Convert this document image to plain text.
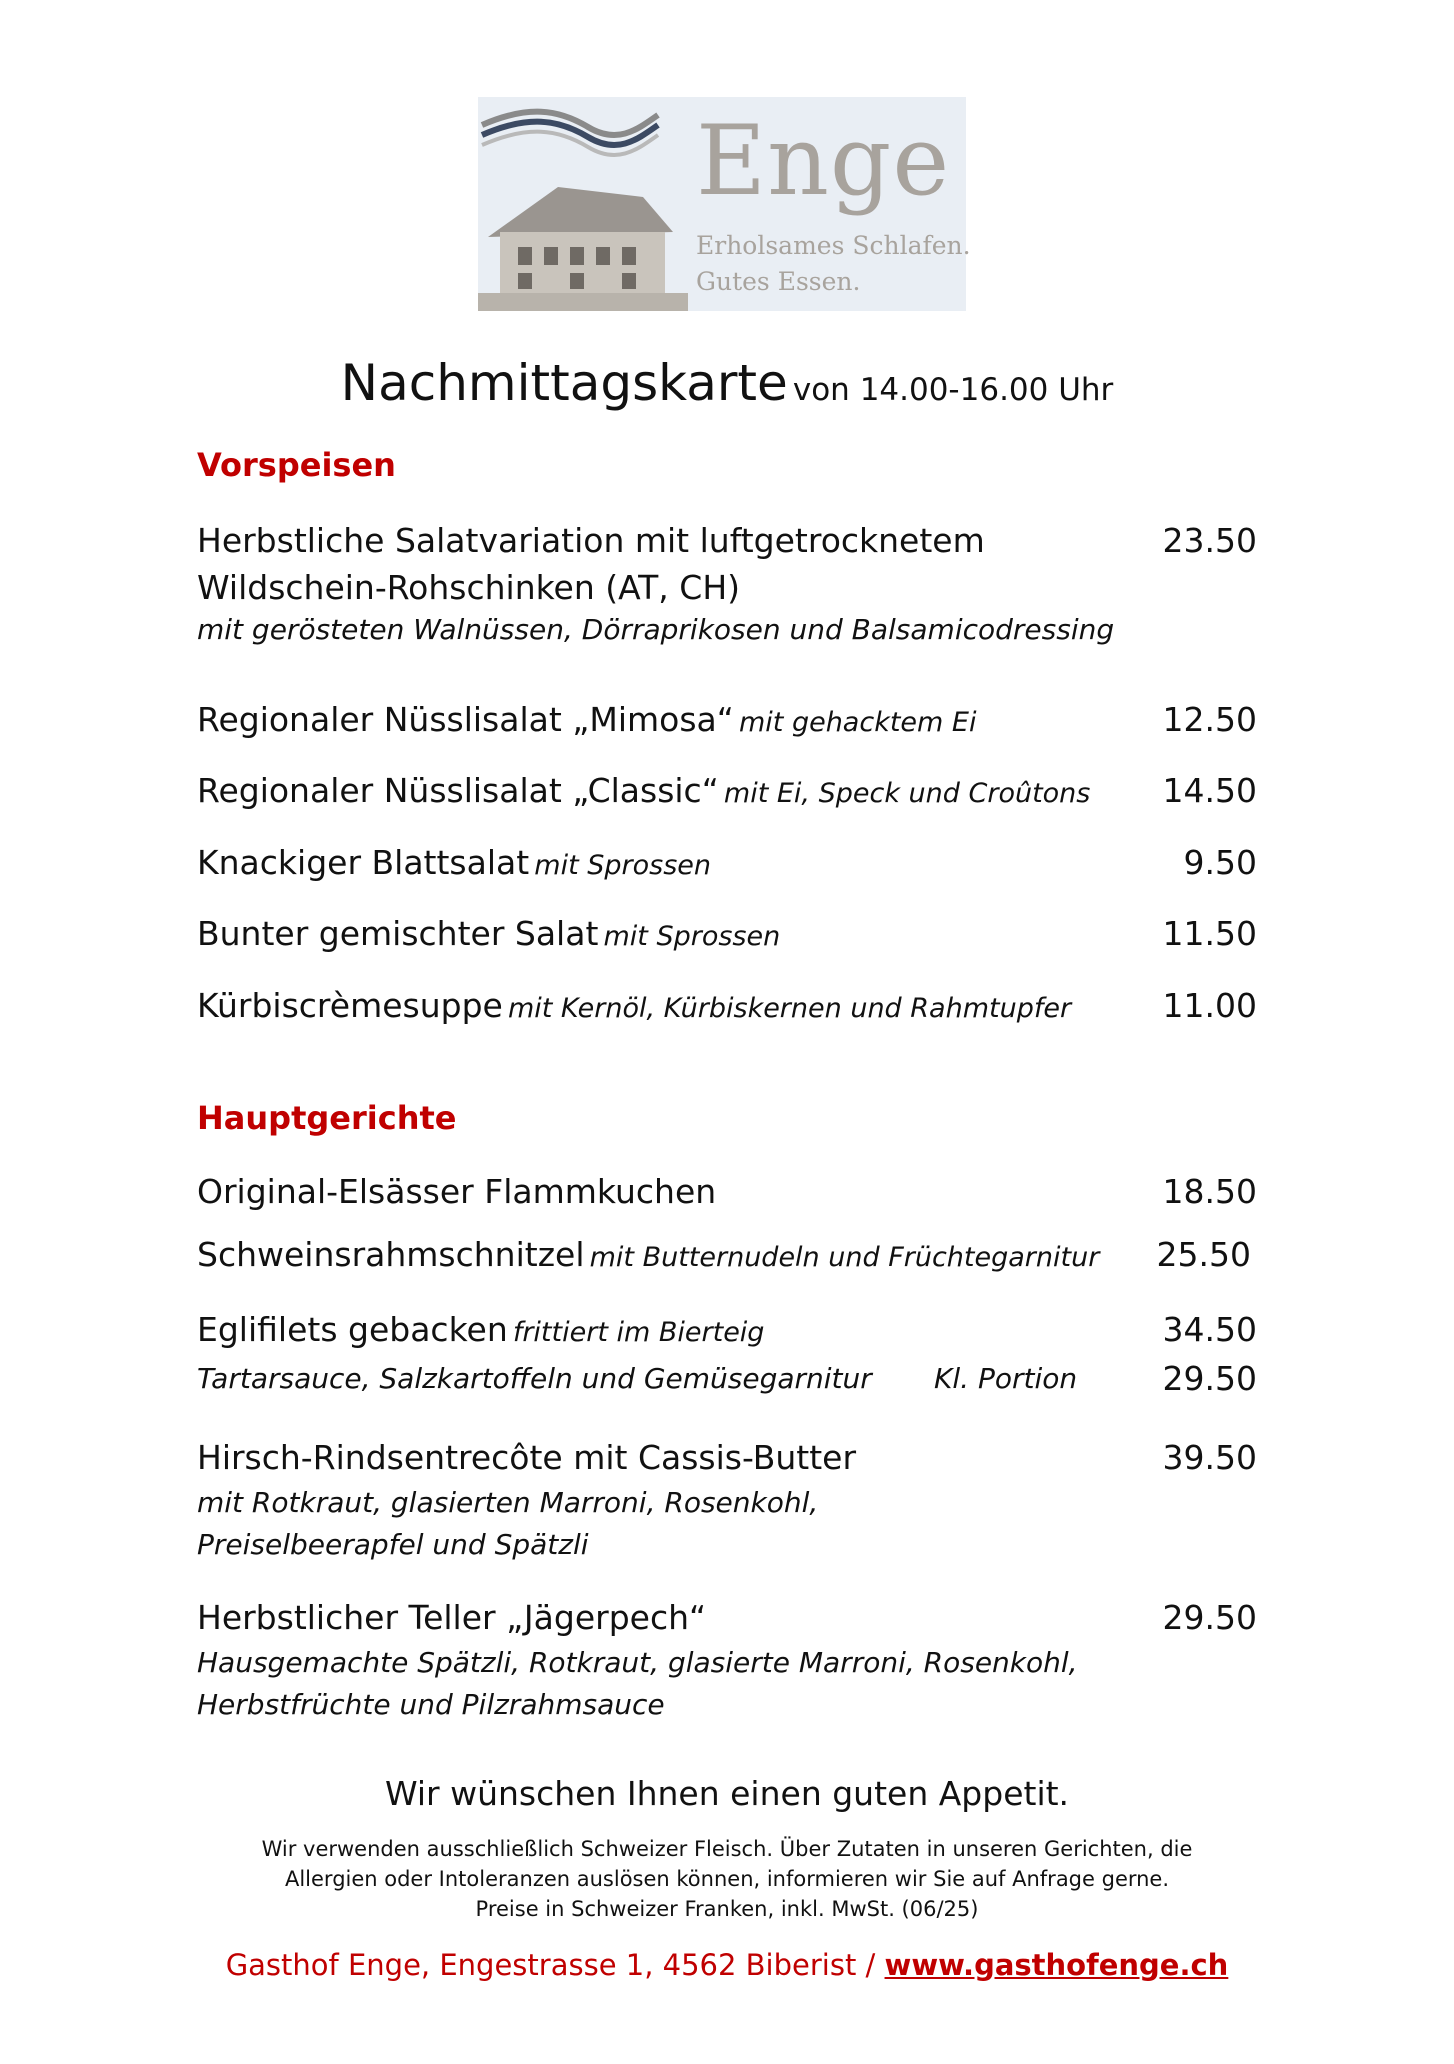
Enge
Erholsames Schlafen.
Gutes Essen.
Nachmittagskarte von 14.00-16.00 Uhr
Vorspeisen
Herbstliche Salatvariation mit luftgetrocknetem
Wildschein-Rohschinken (AT, CH)
mit gerösteten Walnüssen, Dörraprikosen und Balsamicodressing
23.50
Regionaler Nüsslisalat „Mimosa“ mit gehacktem Ei	12.50
Regionaler Nüsslisalat „Classic“ mit Ei, Speck und Croûtons 14.50
Knackiger Blattsalat mit Sprossen	9.50
Bunter gemischter Salat mit Sprossen	11.50
Kürbiscrèmesuppe mit Kernöl, Kürbiskernen und Rahmtupfer	11.00
Hauptgerichte
Original-Elsässer Flammkuchen	18.50
Schweinsrahmschnitzel mit Butternudeln und Früchtegarnitur 25.50
Eglifilets gebacken frittiert im Bierteig	34.50
Tartarsauce, Salzkartoffeln und Gemüsegarnitur Kl. Portion	29.50
Hirsch-Rindsentrecôte mit Cassis-Butter
mit Rotkraut, glasierten Marroni, Rosenkohl,
Preiselbeerapfel und Spätzli
39.50
Herbstlicher Teller „Jägerpech“
Hausgemachte Spätzli, Rotkraut, glasierte Marroni, Rosenkohl,
Herbstfrüchte und Pilzrahmsauce
29.50
Wir wünschen Ihnen einen guten Appetit.
Wir verwenden ausschließlich Schweizer Fleisch. Über Zutaten in unseren Gerichten, die
Allergien oder Intoleranzen auslösen können, informieren wir Sie auf Anfrage gerne.
Preise in Schweizer Franken, inkl. MwSt. (06/25)
Gasthof Enge, Engestrasse 1, 4562 Biberist / www.gasthofenge.ch
